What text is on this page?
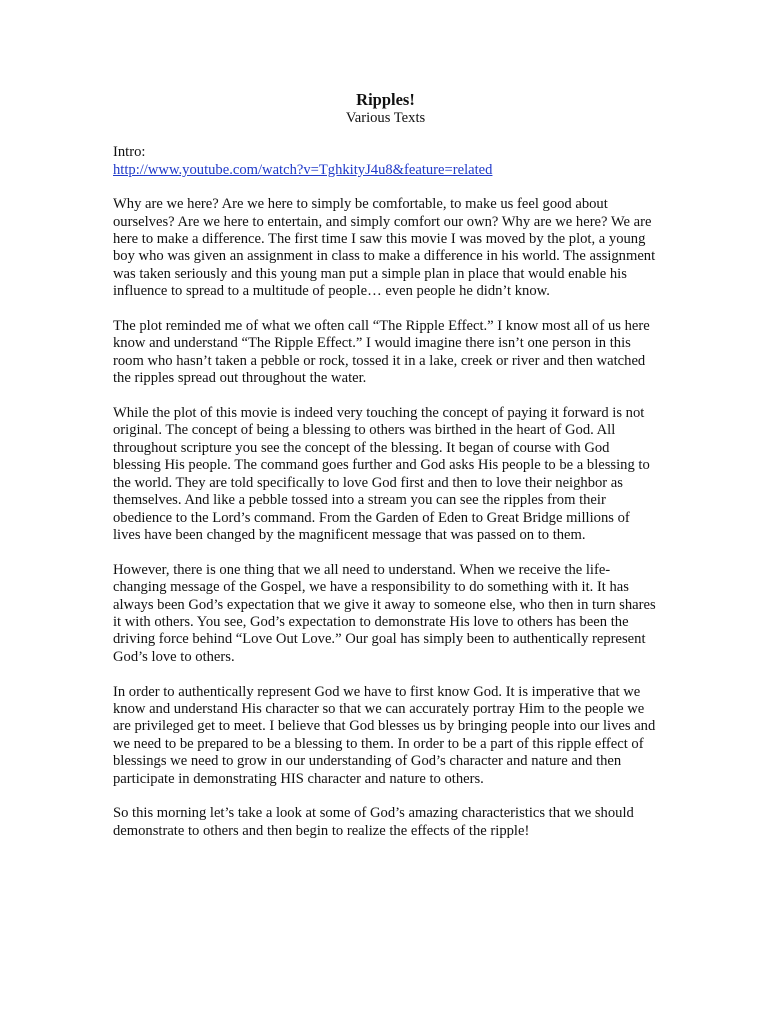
Ripples!
Various Texts
Intro:
http://www.youtube.com/watch?v=TghkityJ4u8&feature=related

Why are we here? Are we here to simply be comfortable, to make us feel good about ourselves? Are we here to entertain, and simply comfort our own? Why are we here? We are here to make a difference. The first time I saw this movie I was moved by the plot, a young boy who was given an assignment in class to make a difference in his world. The assignment was taken seriously and this young man put a simple plan in place that would enable his influence to spread to a multitude of people… even people he didn’t know.

The plot reminded me of what we often call “The Ripple Effect.” I know most all of us here know and understand “The Ripple Effect.” I would imagine there isn’t one person in this room who hasn’t taken a pebble or rock, tossed it in a lake, creek or river and then watched the ripples spread out throughout the water.

While the plot of this movie is indeed very touching the concept of paying it forward is not original. The concept of being a blessing to others was birthed in the heart of God. All throughout scripture you see the concept of the blessing. It began of course with God blessing His people. The command goes further and God asks His people to be a blessing to the world. They are told specifically to love God first and then to love their neighbor as themselves. And like a pebble tossed into a stream you can see the ripples from their obedience to the Lord’s command. From the Garden of Eden to Great Bridge millions of lives have been changed by the magnificent message that was passed on to them.

However, there is one thing that we all need to understand. When we receive the life-changing message of the Gospel, we have a responsibility to do something with it. It has always been God’s expectation that we give it away to someone else, who then in turn shares it with others. You see, God’s expectation to demonstrate His love to others has been the driving force behind “Love Out Love.” Our goal has simply been to authentically represent God’s love to others.

In order to authentically represent God we have to first know God. It is imperative that we know and understand His character so that we can accurately portray Him to the people we are privileged get to meet. I believe that God blesses us by bringing people into our lives and we need to be prepared to be a blessing to them. In order to be a part of this ripple effect of blessings we need to grow in our understanding of God’s character and nature and then participate in demonstrating HIS character and nature to others.

So this morning let’s take a look at some of God’s amazing characteristics that we should demonstrate to others and then begin to realize the effects of the ripple!
